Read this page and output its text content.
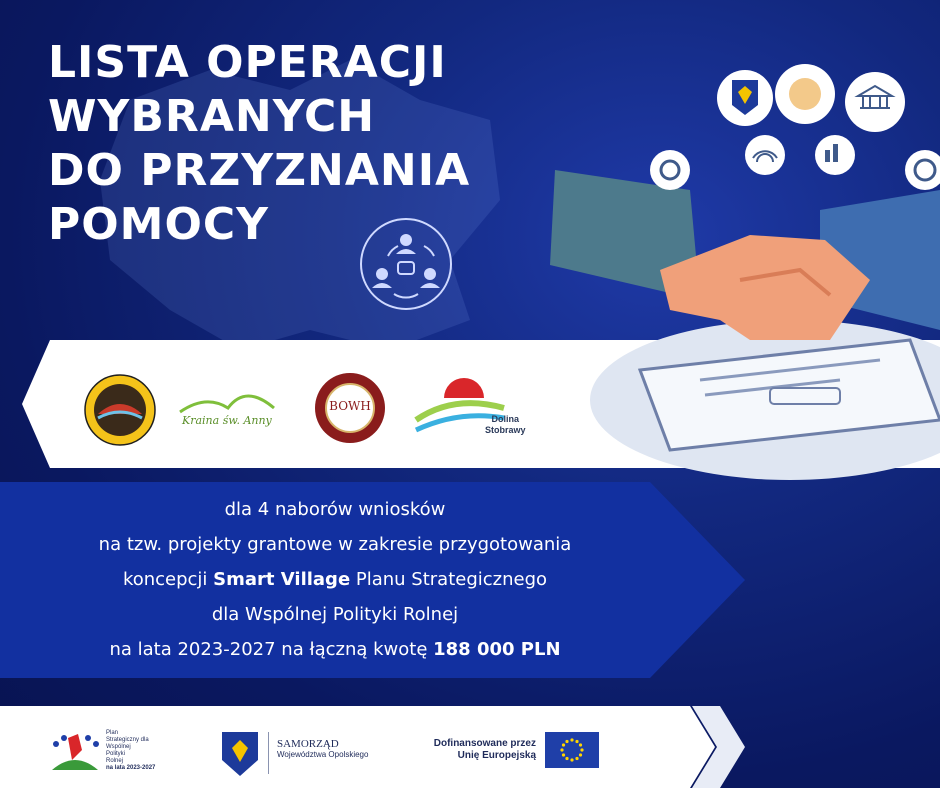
LISTA OPERACJI
WYBRANYCH
DO PRZYZNANIA
POMOCY
Kraina św. Anny
BOWH
Dolina
Stobrawy
dla 4 naborów wniosków
na tzw. projekty grantowe w zakresie przygotowania
koncepcji Smart Village Planu Strategicznego
dla Wspólnej Polityki Rolnej
na lata 2023-2027 na łączną kwotę 188 000 PLN
Plan
Strategiczny dla
Wspólnej
Polityki
Rolnej
na lata 2023-2027
SAMORZĄD
Województwa Opolskiego
Dofinansowane przez
Unię Europejską
